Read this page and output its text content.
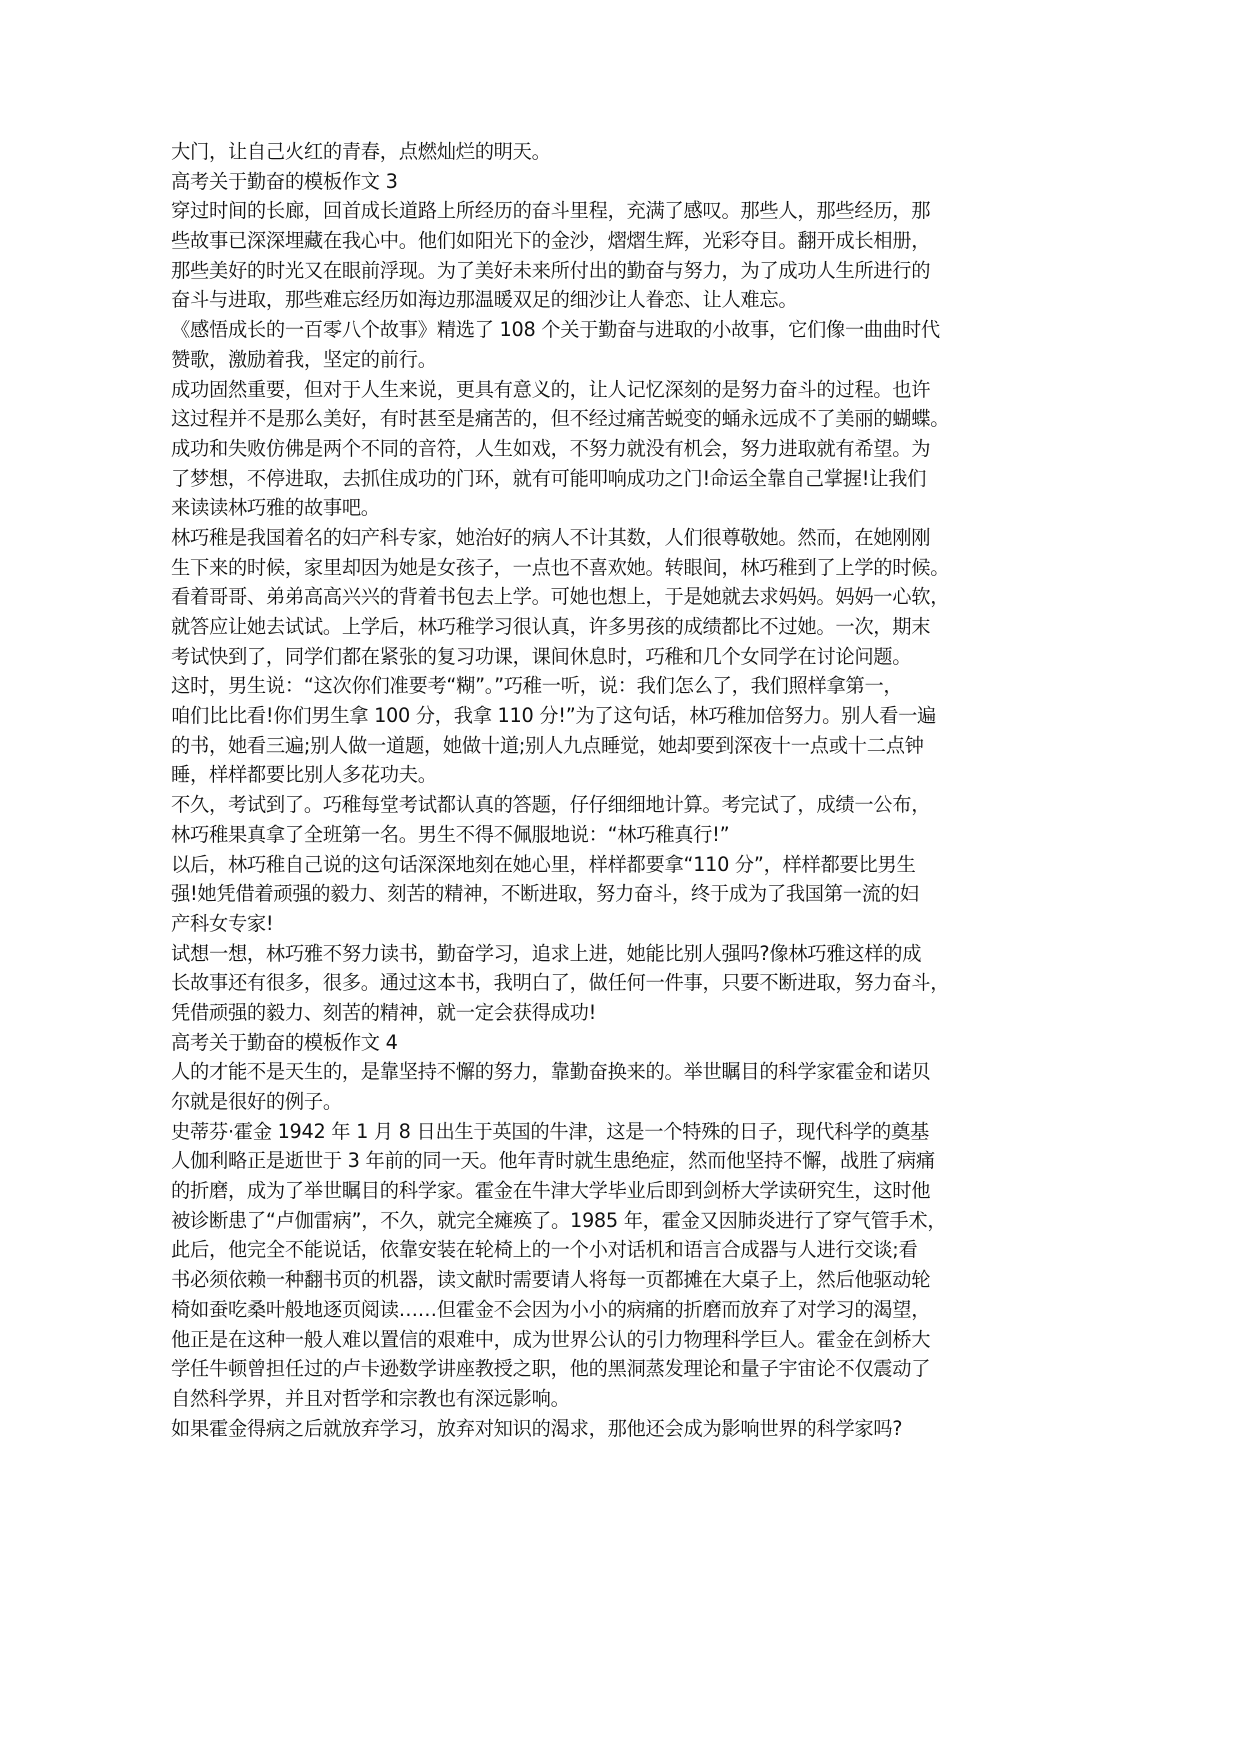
大门，让自己火红的青春，点燃灿烂的明天。
高考关于勤奋的模板作文 3
穿过时间的长廊，回首成长道路上所经历的奋斗里程，充满了感叹。那些人，那些经历，那
些故事已深深埋藏在我心中。他们如阳光下的金沙，熠熠生辉，光彩夺目。翻开成长相册，
那些美好的时光又在眼前浮现。为了美好未来所付出的勤奋与努力，为了成功人生所进行的
奋斗与进取，那些难忘经历如海边那温暖双足的细沙让人眷恋、让人难忘。
《感悟成长的一百零八个故事》精选了 108 个关于勤奋与进取的小故事，它们像一曲曲时代
赞歌，激励着我，坚定的前行。
成功固然重要，但对于人生来说，更具有意义的，让人记忆深刻的是努力奋斗的过程。也许
这过程并不是那么美好，有时甚至是痛苦的，但不经过痛苦蜕变的蛹永远成不了美丽的蝴蝶。
成功和失败仿佛是两个不同的音符，人生如戏，不努力就没有机会，努力进取就有希望。为
了梦想，不停进取，去抓住成功的门环，就有可能叩响成功之门!命运全靠自己掌握!让我们
来读读林巧雅的故事吧。
林巧稚是我国着名的妇产科专家，她治好的病人不计其数，人们很尊敬她。然而，在她刚刚
生下来的时候，家里却因为她是女孩子，一点也不喜欢她。转眼间，林巧稚到了上学的时候。
看着哥哥、弟弟高高兴兴的背着书包去上学。可她也想上，于是她就去求妈妈。妈妈一心软，
就答应让她去试试。上学后，林巧稚学习很认真，许多男孩的成绩都比不过她。一次，期末
考试快到了，同学们都在紧张的复习功课，课间休息时，巧稚和几个女同学在讨论问题。
这时，男生说：“这次你们准要考“糊”。”巧稚一听，说：我们怎么了，我们照样拿第一，
咱们比比看!你们男生拿 100 分，我拿 110 分!”为了这句话，林巧稚加倍努力。别人看一遍
的书，她看三遍;别人做一道题，她做十道;别人九点睡觉，她却要到深夜十一点或十二点钟
睡，样样都要比别人多花功夫。
不久，考试到了。巧稚每堂考试都认真的答题，仔仔细细地计算。考完试了，成绩一公布，
林巧稚果真拿了全班第一名。男生不得不佩服地说：“林巧稚真行!”
以后，林巧稚自己说的这句话深深地刻在她心里，样样都要拿“110 分”，样样都要比男生
强!她凭借着顽强的毅力、刻苦的精神，不断进取，努力奋斗，终于成为了我国第一流的妇
产科女专家!
试想一想，林巧雅不努力读书，勤奋学习，追求上进，她能比别人强吗?像林巧雅这样的成
长故事还有很多，很多。通过这本书，我明白了，做任何一件事，只要不断进取，努力奋斗，
凭借顽强的毅力、刻苦的精神，就一定会获得成功!
高考关于勤奋的模板作文 4
人的才能不是天生的，是靠坚持不懈的努力，靠勤奋换来的。举世瞩目的科学家霍金和诺贝
尔就是很好的例子。
史蒂芬·霍金 1942 年 1 月 8 日出生于英国的牛津，这是一个特殊的日子，现代科学的奠基
人伽利略正是逝世于 3 年前的同一天。他年青时就生患绝症，然而他坚持不懈，战胜了病痛
的折磨，成为了举世瞩目的科学家。霍金在牛津大学毕业后即到剑桥大学读研究生，这时他
被诊断患了“卢伽雷病”，不久，就完全瘫痪了。1985 年，霍金又因肺炎进行了穿气管手术，
此后，他完全不能说话，依靠安装在轮椅上的一个小对话机和语言合成器与人进行交谈;看
书必须依赖一种翻书页的机器，读文献时需要请人将每一页都摊在大桌子上，然后他驱动轮
椅如蚕吃桑叶般地逐页阅读……但霍金不会因为小小的病痛的折磨而放弃了对学习的渴望，
他正是在这种一般人难以置信的艰难中，成为世界公认的引力物理科学巨人。霍金在剑桥大
学任牛顿曾担任过的卢卡逊数学讲座教授之职，他的黑洞蒸发理论和量子宇宙论不仅震动了
自然科学界，并且对哲学和宗教也有深远影响。
如果霍金得病之后就放弃学习，放弃对知识的渴求，那他还会成为影响世界的科学家吗?
